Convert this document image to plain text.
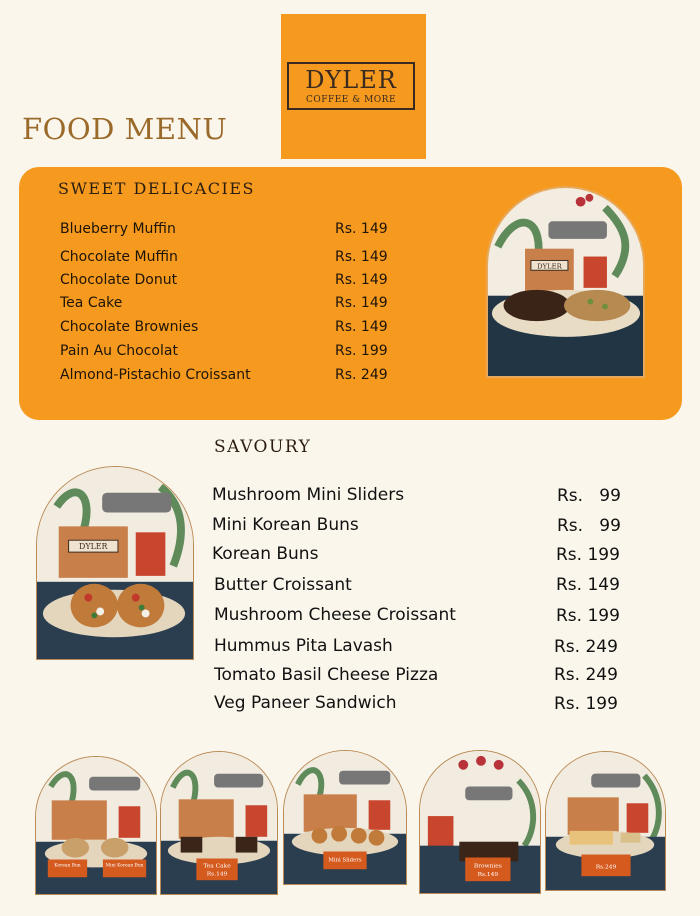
DYLER
COFFEE & MORE
FOOD MENU
SWEET DELICACIES
Blueberry Muffin	Rs. 149
Chocolate Muffin	Rs. 149
Chocolate Donut	Rs. 149
Tea Cake	Rs. 149
Chocolate Brownies	Rs. 149
Pain Au Chocolat	Rs. 199
Almond-Pistachio Croissant	Rs. 249
DYLER
SAVOURY
DYLER
Mushroom Mini Sliders	Rs.   99
Mini Korean Buns	Rs.   99
Korean Buns	Rs. 199
Butter Croissant	Rs. 149
Mushroom Cheese Croissant	Rs. 199
Hummus Pita Lavash	Rs. 249
Tomato Basil Cheese Pizza	Rs. 249
Veg Paneer Sandwich	Rs. 199
Korean Bun	Mini Korean Bun	Tea Cake
Rs.149
Mini Sliders
Brownies
Rs.149
Rs.249
